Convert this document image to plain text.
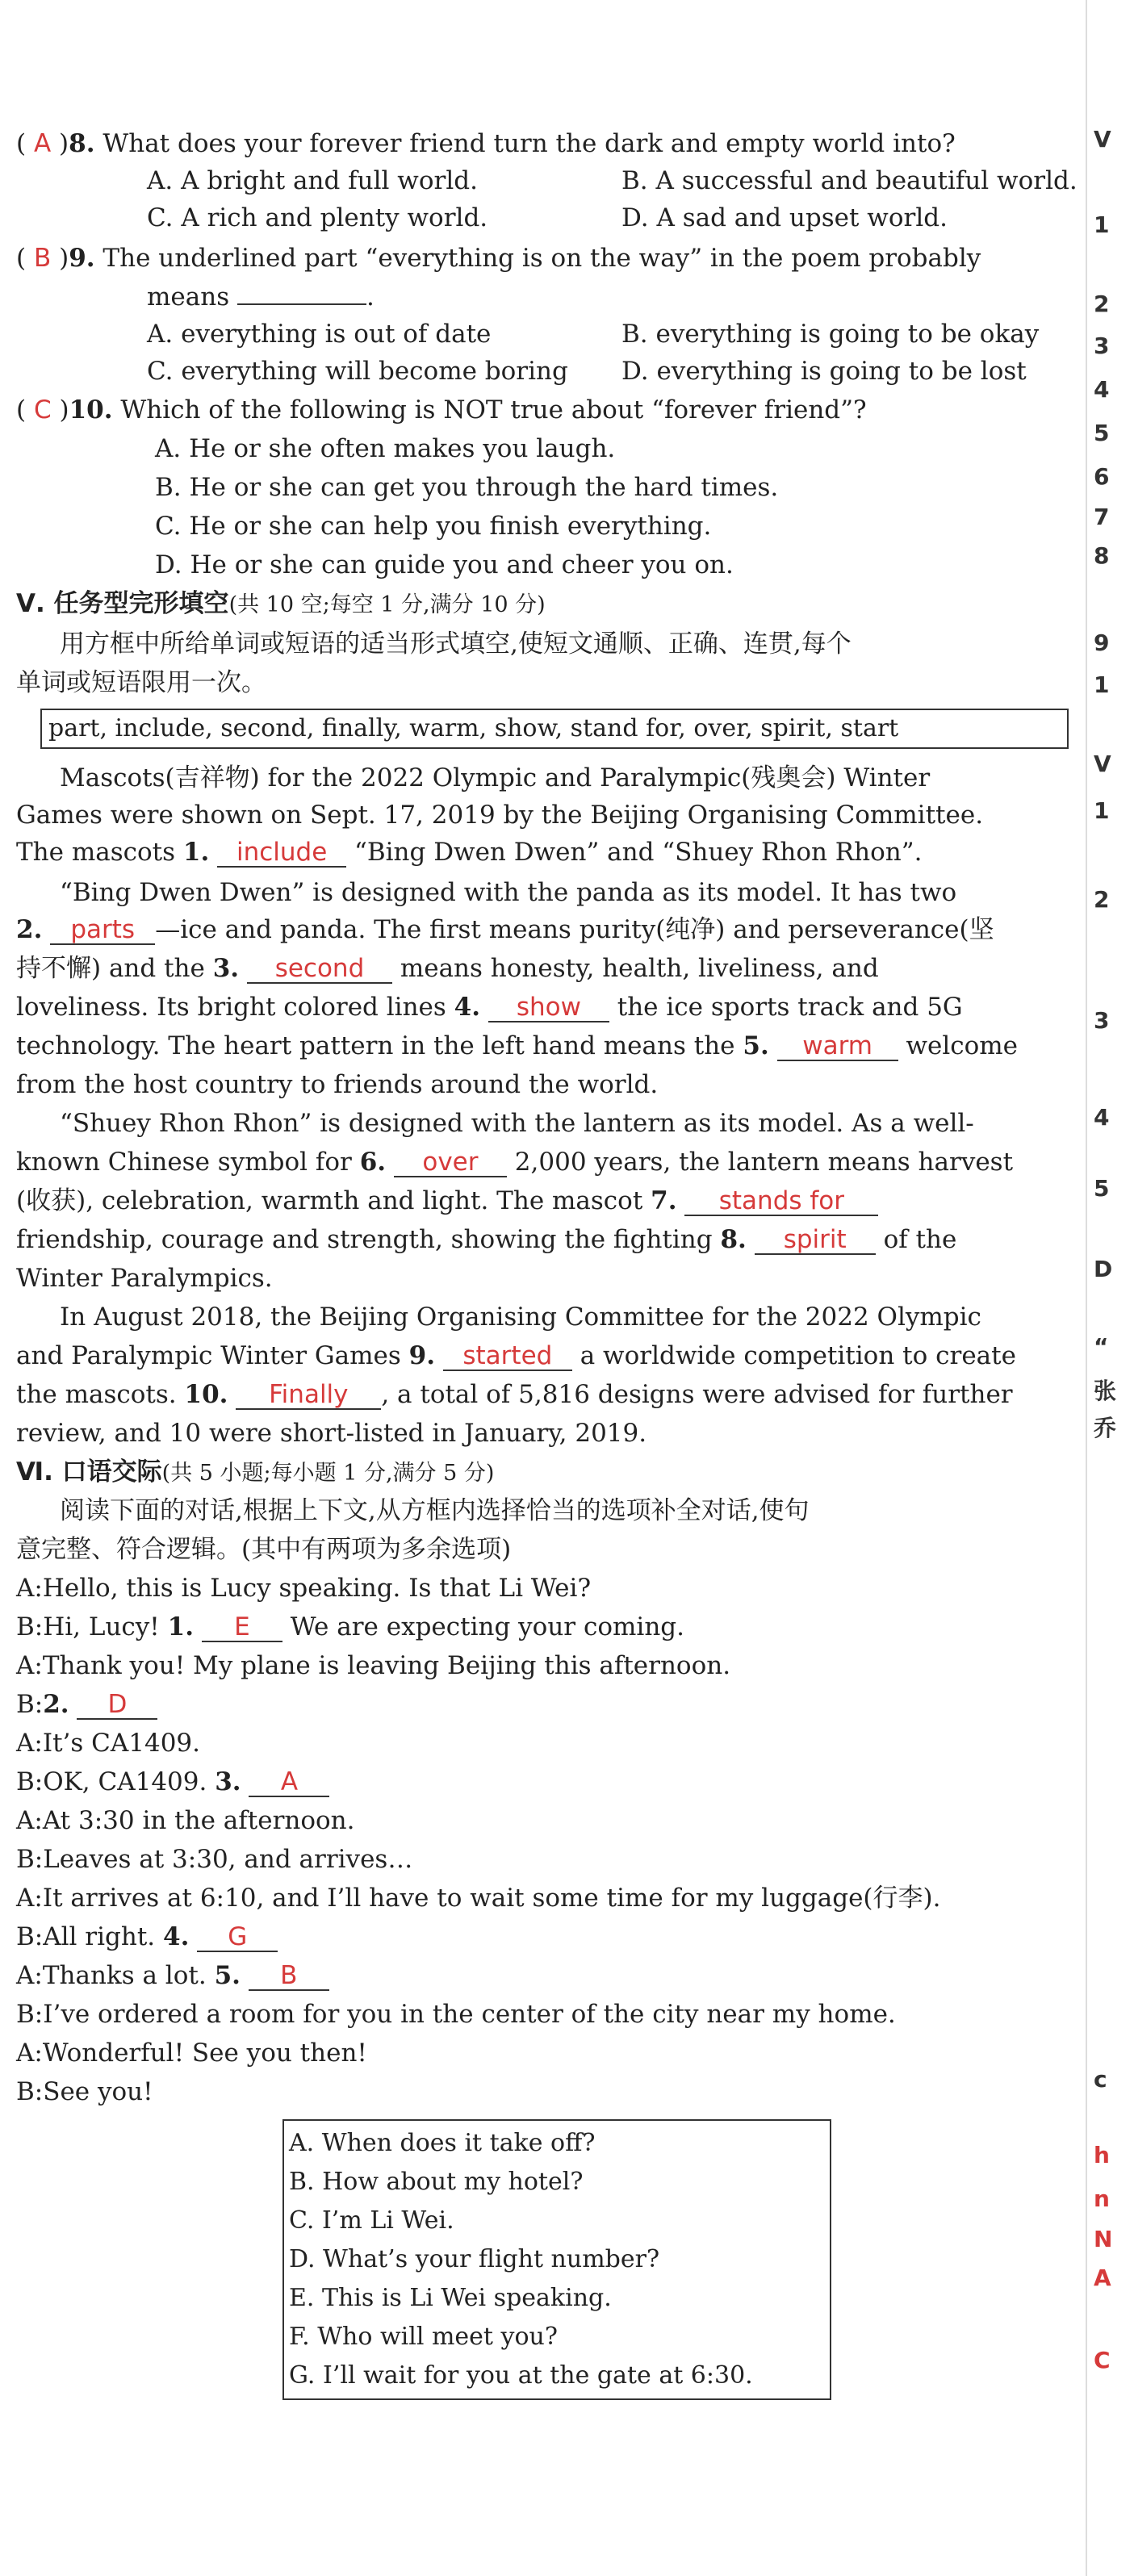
( A )8. What does your forever friend turn the dark and empty world into?
A. A bright and full world.	B. A successful and beautiful world.
C. A rich and plenty world.	D. A sad and upset world.
( B )9. The underlined part “everything is on the way” in the poem probably
means	.
A. everything is out of date	B. everything is going to be okay
C. everything will become boring D. everything is going to be lost
( C )10. Which of the following is NOT true about “forever friend”?
A. He or she often makes you laugh.
B. He or she can get you through the hard times.
C. He or she can help you finish everything.
D. He or she can guide you and cheer you on.
Ⅴ. 任务型完形填空(共 10 空;每空 1 分,满分 10 分)
用方框中所给单词或短语的适当形式填空,使短文通顺、正确、连贯,每个
单词或短语限用一次。
part, include, second, finally, warm, show, stand for, over, spirit, start
Mascots(吉祥物) for the 2022 Olympic and Paralympic(残奥会) Winter
Games were shown on Sept. 17, 2019 by the Beijing Organising Committee.
The mascots 1. include “Bing Dwen Dwen” and “Shuey Rhon Rhon”.
“Bing Dwen Dwen” is designed with the panda as its model. It has two
2. parts —ice and panda. The first means purity(纯净) and perseverance(坚
持不懈) and the 3. second means honesty, health, liveliness, and
loveliness. Its bright colored lines 4. show the ice sports track and 5G
technology. The heart pattern in the left hand means the 5. warm welcome
from the host country to friends around the world.
“Shuey Rhon Rhon” is designed with the lantern as its model. As a well-
known Chinese symbol for 6. over 2,000 years, the lantern means harvest
(收获), celebration, warmth and light. The mascot 7. stands for
friendship, courage and strength, showing the fighting 8. spirit of the
Winter Paralympics.
In August 2018, the Beijing Organising Committee for the 2022 Olympic
and Paralympic Winter Games 9. started a worldwide competition to create
the mascots. 10. Finally , a total of 5,816 designs were advised for further
review, and 10 were short-listed in January, 2019.
Ⅵ. 口语交际(共 5 小题;每小题 1 分,满分 5 分)
阅读下面的对话,根据上下文,从方框内选择恰当的选项补全对话,使句
意完整、符合逻辑。(其中有两项为多余选项)
A:Hello, this is Lucy speaking. Is that Li Wei?
B:Hi, Lucy! 1. E We are expecting your coming.
A:Thank you! My plane is leaving Beijing this afternoon.
B:2. D
A:It’s CA1409.
B:OK, CA1409. 3. A
A:At 3:30 in the afternoon.
B:Leaves at 3:30, and arrives…
A:It arrives at 6:10, and I’ll have to wait some time for my luggage(行李).
B:All right. 4. G
A:Thanks a lot. 5. B
B:I’ve ordered a room for you in the center of the city near my home.
A:Wonderful! See you then!
B:See you!
A. When does it take off?
B. How about my hotel?
C. I’m Li Wei.
D. What’s your flight number?
E. This is Li Wei speaking.
F. Who will meet you?
G. I’ll wait for you at the gate at 6:30.
V
1
2
3
4
5
6
7
8
9
1
V
1
2
3
4
5
D
“
张
乔
c
h
n
N
A
C
